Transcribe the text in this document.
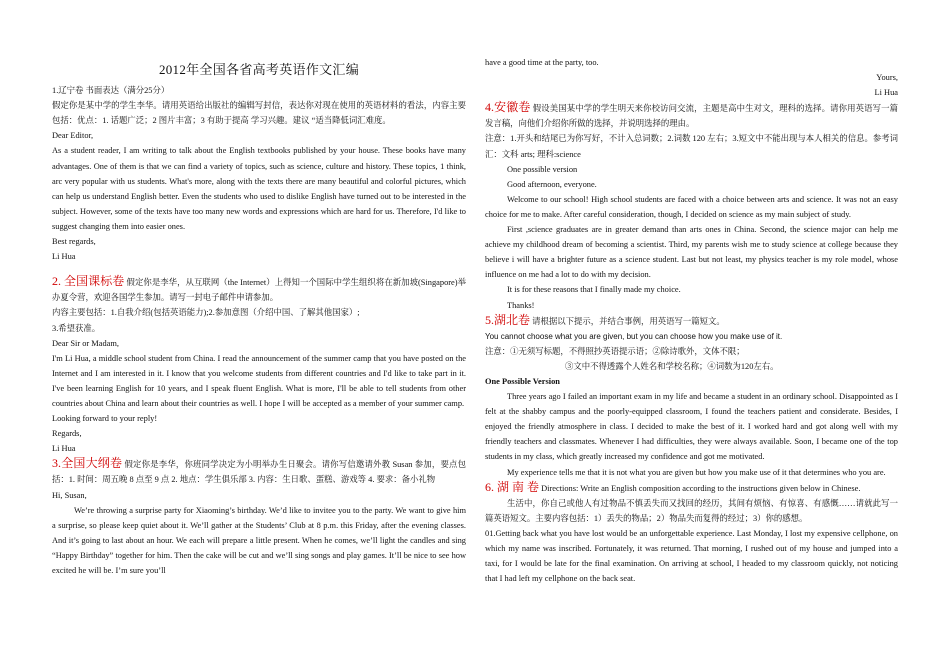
2012年全国各省高考英语作文汇编

1.辽宁卷 书面表达（满分25分）

假定你是某中学的学生李华。请用英语给出版社的编辑写封信，表达你对现在使用的英语材料的看法，内容主要包括：优点：1. 话题广泛；2 图片丰富；3 有助于提高 学习兴趣。建议 “适当降低词汇难度。

Dear Editor,

As a student reader, I am writing to talk about the English textbooks published by your house. These books have many advantages. One of them is that we can find a variety of topics, such as science, culture and history. These topics, 1 think, arc very popular with us students. What's more, along with the texts there are many beautiful and colorful pictures, which can help us understand English better. Even the students who used to dislike English have turned out to be interested in the subject. However, some of the texts have too many new words and expressions which are hard for us. Therefore, I'd like to suggest changing them into easier ones.

Best regards,

Li Hua

2. 全国课标卷 假定你是李华，从互联网（the Internet）上得知一个国际中学生组织将在新加坡(Singapore)举办夏令营，欢迎各国学生参加。请写一封电子邮件申请参加。

内容主要包括：1.自我介绍(包括英语能力);2.参加意图（介绍中国、了解其他国家）;

3.希望获准。

Dear Sir or Madam,

I'm Li Hua, a middle school student from China. I read the announcement of the summer camp that you have posted on the Internet and I am interested in it. I know that you welcome students from different countries and I'd like to take part in it. I've been learning English for 10 years, and I speak fluent English. What is more, I'll be able to tell students from other countries about China and learn about their countries as well. I hope I will be accepted as a member of your summer camp.

Looking forward to your reply!

Regards,

Li Hua

3.全国大纲卷 假定你是李华，你班同学决定为小明举办生日聚会。请你写信邀请外教 Susan 参加，要点包括：1. 时间：周五晚 8 点至 9 点 2. 地点：学生俱乐部 3. 内容：生日歌、蛋糕、游戏等 4. 要求：备小礼物

Hi, Susan,

We’re throwing a surprise party for Xiaoming’s birthday. We’d like to invitee you to the party. We want to give him a surprise, so please keep quiet about it. We’ll gather at the Students’ Club at 8 p.m. this Friday, after the evening classes. And it’s going to last about an hour. We each will prepare a little present. When he comes, we’ll light the candles and sing “Happy Birthday” together for him. Then the cake will be cut and we’ll sing songs and play games. It’ll be nice to see how excited he will be. I’m sure you’ll

have a good time at the party, too.

Yours,

Li Hua

4.安徽卷 假设美国某中学的学生明天来你校访问交流，主题是高中生对文，理科的选择。请你用英语写一篇发言稿，向他们介绍你所做的选择，并说明选择的理由。

注意：1.开头和结尾已为你写好，不计入总词数；2.词数 120 左右；3.短文中不能出现与本人相关的信息。参考词汇：文科 arts; 理科:science

One possible version

Good afternoon, everyone.

Welcome to our school! High school students are faced with a choice between arts and science. It was not an easy choice for me to make. After careful consideration, though, I decided on science as my main subject of study.

First ,science graduates are in greater demand than arts ones in China. Second, the science major can help me achieve my childhood dream of becoming a scientist. Third, my parents wish me to study science at college because they believe i will have a brighter future as a science student. Last but not least, my physics teacher is my role model, whose influence on me had a lot to do with my decision.

It is for these reasons that I finally made my choice.

Thanks!

5.湖北卷 请根据以下提示，并结合事例，用英语写一篇短文。

You cannot choose what you are given, but you can choose how you make use of it.

注意：①无须写标题，不得照抄英语提示语；②除诗歌外，文体不限；

③文中不得透露个人姓名和学校名称；④词数为120左右。

One Possible Version

Three years ago I failed an important exam in my life and became a student in an ordinary school. Disappointed as I felt at the shabby campus and the poorly-equipped classroom, I found the teachers patient and considerate. Besides, I enjoyed the friendly atmosphere in class. I decided to make the best of it. I worked hard and got along well with my friendly teachers and classmates. Whenever I had difficulties, they were always available. Soon, I became one of the top students in my class, which greatly increased my confidence and got me motivated.

My experience tells me that it is not what you are given but how you make use of it that determines who you are.

6. 湖 南 卷 Directions: Write an English composition according to the instructions given below in Chinese.

生活中，你自己或他人有过物品不慎丢失而又找回的经历，其间有烦恼、有惊喜、有感慨……请就此写一篇英语短文。主要内容包括：1）丢失的物品；2）物品失而复得的经过；3）你的感想。

01.Getting back what you have lost would be an unforgettable experience. Last Monday, I lost my expensive cellphone, on which my name was inscribed. Fortunately, it was returned. That morning, I rushed out of my house and jumped into a taxi, for I would be late for the final examination. On arriving at school, I headed to my classroom quickly, not noticing that I had left my cellphone on the back seat.
